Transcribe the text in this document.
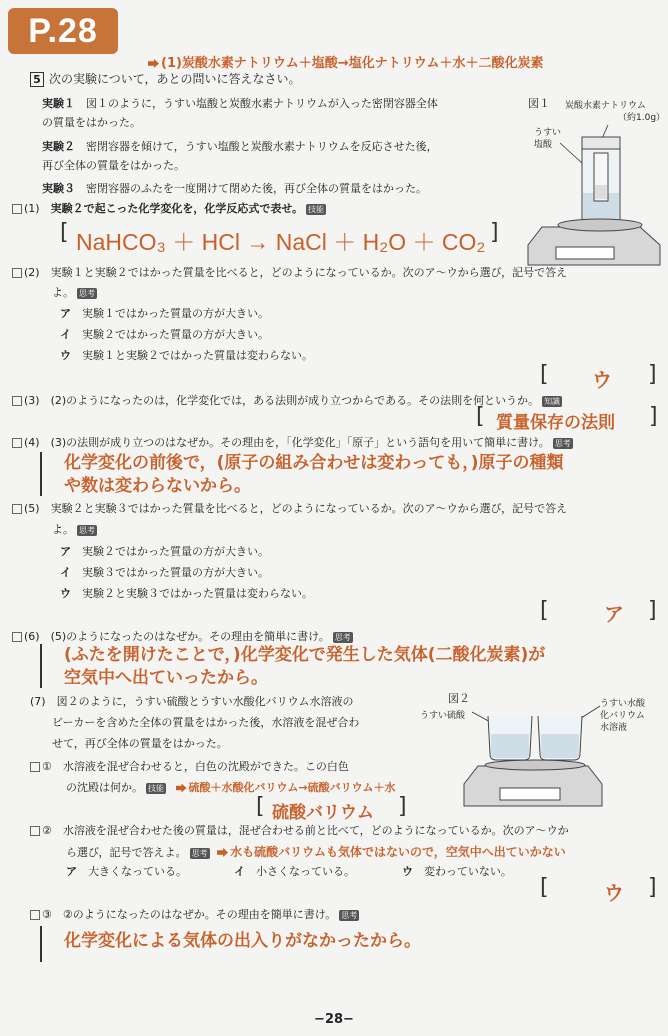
P.28
(1)炭酸水素ナトリウム＋塩酸→塩化ナトリウム＋水＋二酸化炭素
5 次の実験について，あとの問いに答えなさい。
実験１　 図１のように，うすい塩酸と炭酸水素ナトリウムが入った密閉容器全体
の質量をはかった。
実験２　 密閉容器を傾けて，うすい塩酸と炭酸水素ナトリウムを反応させた後，
再び全体の質量をはかった。
実験３　 密閉容器のふたを一度開けて閉めた後，再び全体の質量をはかった。
図１ 炭酸水素ナトリウム
（約1.0g）
うすい
塩酸
(1)　 実験２で起こった化学変化を，化学反応式で表せ。 技能
[ NaHCO₃ ＋ HCl → NaCl ＋ H₂O ＋ CO₂ ]
(2)　 実験１と実験２ではかった質量を比べると，どのようになっているか。次のア～ウから選び，記号で答え
よ。 思考
ア　 実験１ではかった質量の方が大きい。
イ　 実験２ではかった質量の方が大きい。
ウ　 実験１と実験２ではかった質量は変わらない。
[ ウ ]
(3)　 (2)のようになったのは，化学変化では，ある法則が成り立つからである。その法則を何というか。 知識
[ 質量保存の法則 ]
(4)　 (3)の法則が成り立つのはなぜか。その理由を，「化学変化」「原子」という語句を用いて簡単に書け。 思考
化学変化の前後で，(原子の組み合わせは変わっても，)原子の種類
や数は変わらないから。
(5)　 実験２と実験３ではかった質量を比べると，どのようになっているか。次のア～ウから選び，記号で答え
よ。 思考
ア　 実験２ではかった質量の方が大きい。
イ　 実験３ではかった質量の方が大きい。
ウ　 実験２と実験３ではかった質量は変わらない。
[	ア ]
(6)　 (5)のようになったのはなぜか。その理由を簡単に書け。 思考
(ふたを開けたことで，)化学変化で発生した気体(二酸化炭素)が
空気中へ出ていったから。
(7)　 図２のように，うすい硫酸とうすい水酸化バリウム水溶液の
ビーカーを含めた全体の質量をはかった後，水溶液を混ぜ合わ
せて，再び全体の質量をはかった。
図２
うすい硫酸
うすい水酸
化バリウム
水溶液
①　 水溶液を混ぜ合わせると，白色の沈殿ができた。この白色
の沈殿は何か。 技能 硫酸＋水酸化バリウム→硫酸バリウム＋水
[ 硫酸バリウム ]
②　 水溶液を混ぜ合わせた後の質量は，混ぜ合わせる前と比べて，どのようになっているか。次のア～ウか
ら選び，記号で答えよ。 思考 水も硫酸バリウムも気体ではないので，空気中へ出ていかない
ア　 大きくなっている。	イ　 小さくなっている。	ウ　 変わっていない。
[	ウ ]
③　 ②のようになったのはなぜか。その理由を簡単に書け。 思考
化学変化による気体の出入りがなかったから。
−28−
